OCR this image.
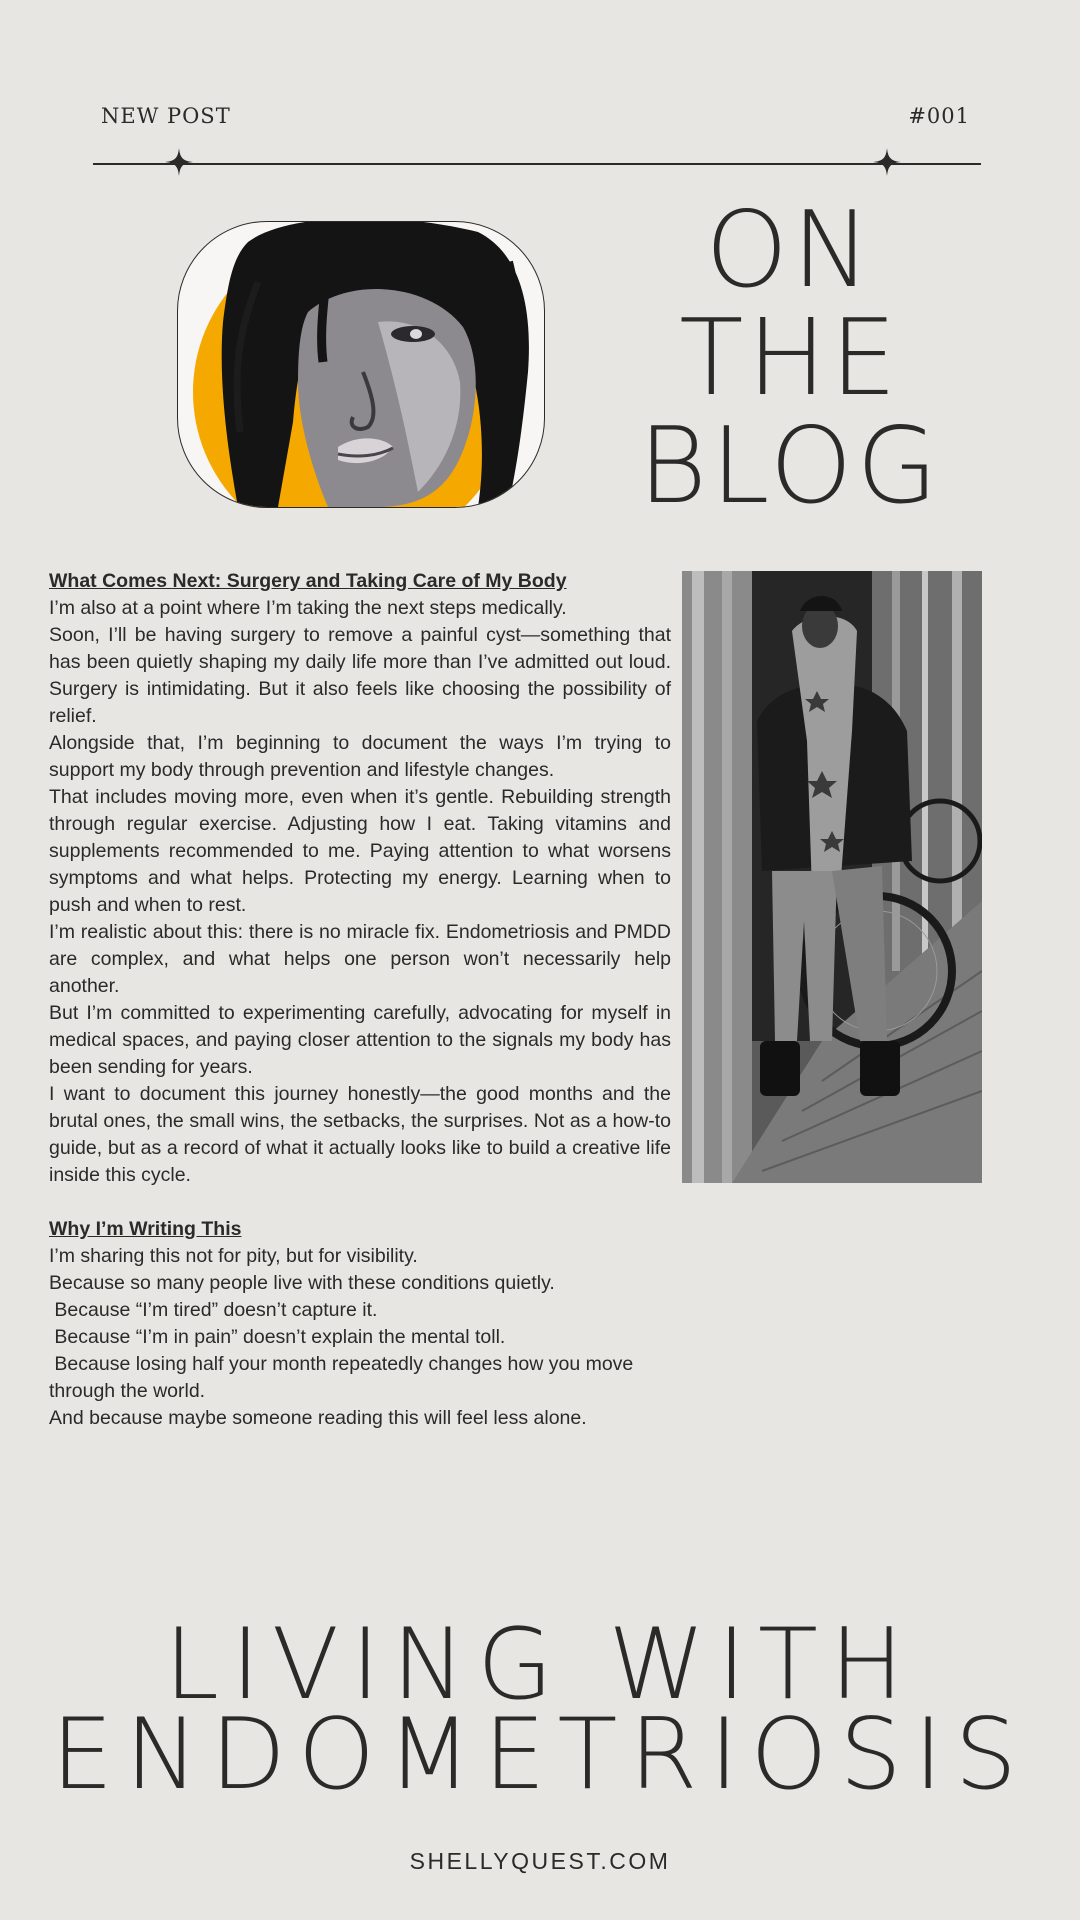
NEW POST	#001
ON
THE
BLOG

What Comes Next: Surgery and Taking Care of My Body

I’m also at a point where I’m taking the next steps medically.

Soon, I’ll be having surgery to remove a painful cyst—something that has been quietly shaping my daily life more than I’ve admitted out loud. Surgery is intimidating. But it also feels like choosing the possibility of relief.

Alongside that, I’m beginning to document the ways I’m trying to support my body through prevention and lifestyle changes.

That includes moving more, even when it’s gentle. Rebuilding strength through regular exercise. Adjusting how I eat. Taking vitamins and supplements recommended to me. Paying attention to what worsens symptoms and what helps. Protecting my energy. Learning when to push and when to rest.

I’m realistic about this: there is no miracle fix. Endometriosis and PMDD are complex, and what helps one person won’t necessarily help another.

But I’m committed to experimenting carefully, advocating for myself in medical spaces, and paying closer attention to the signals my body has been sending for years.

I want to document this journey honestly—the good months and the brutal ones, the small wins, the setbacks, the surprises. Not as a how-to guide, but as a record of what it actually looks like to build a creative life inside this cycle.

Why I’m Writing This

I’m sharing this not for pity, but for visibility.

Because so many people live with these conditions quietly.

Because “I’m tired” doesn’t capture it.

Because “I’m in pain” doesn’t explain the mental toll.

Because losing half your month repeatedly changes how you move through the world.

And because maybe someone reading this will feel less alone.

LIVING WITH
ENDOMETRIOSIS
SHELLYQUEST.COM
